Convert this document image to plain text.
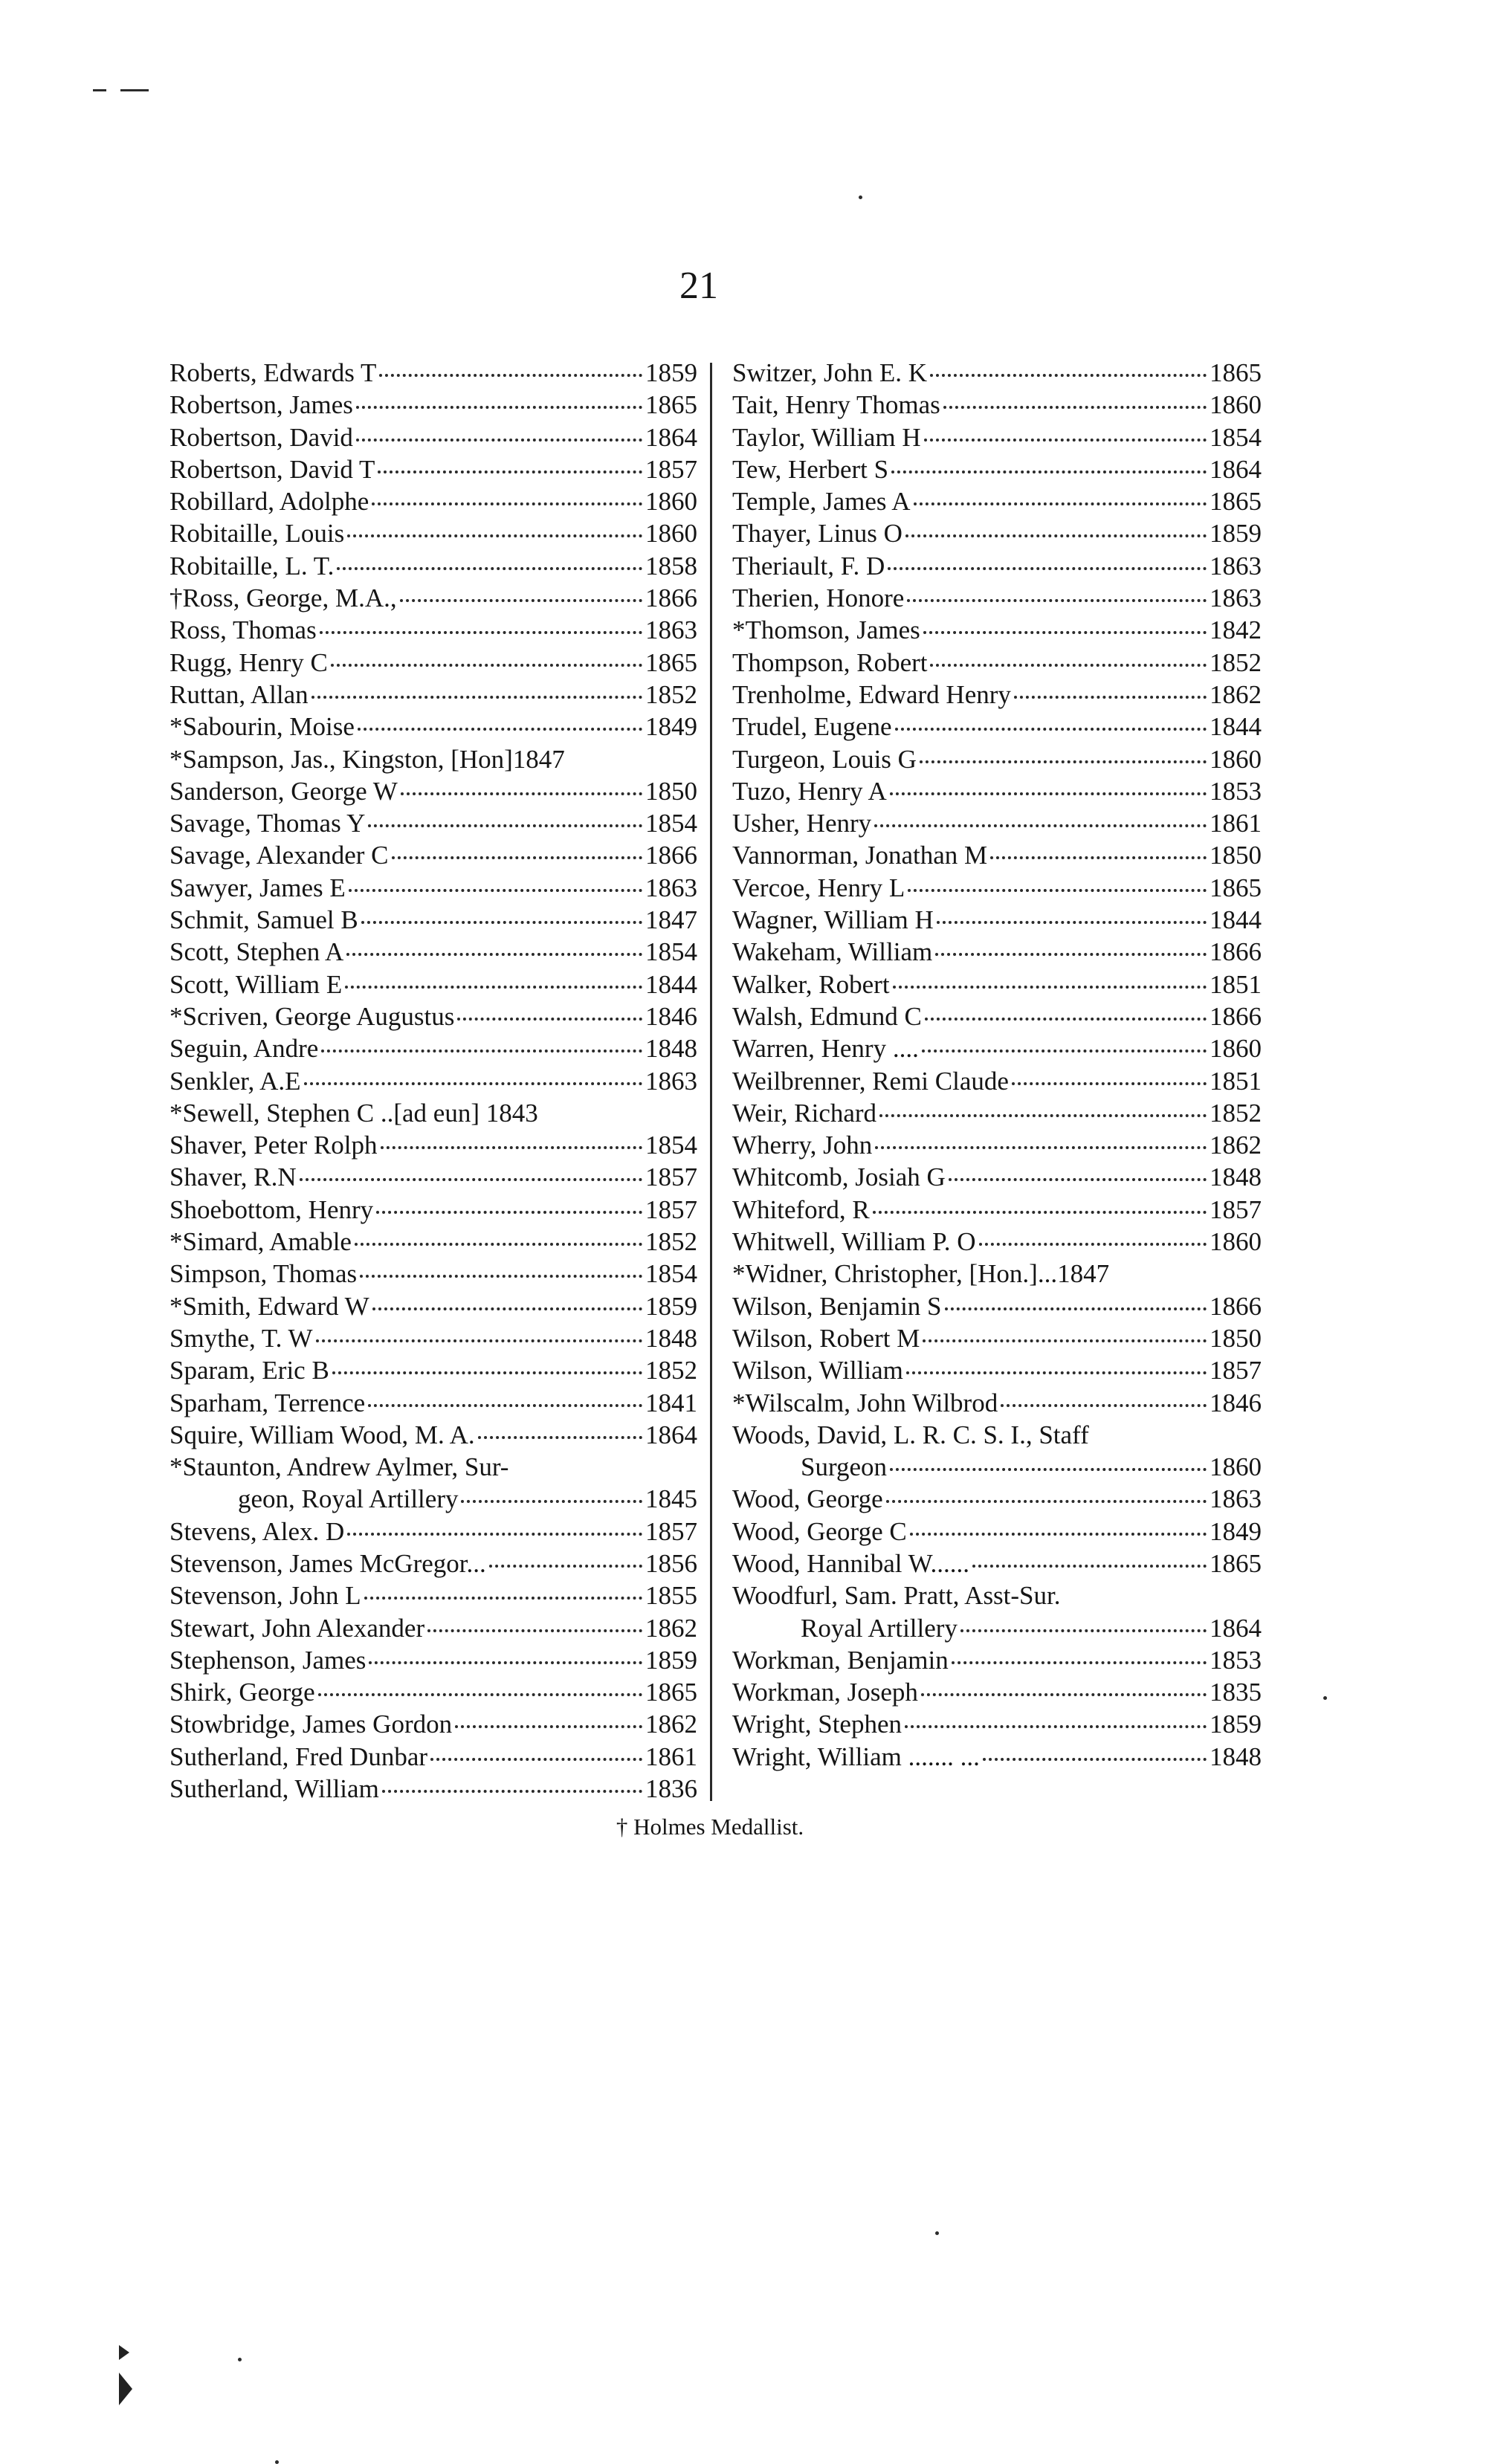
21
Roberts, Edwards T	1859
Robertson, James	1865
Robertson, David	1864
Robertson, David T	1857
Robillard, Adolphe	1860
Robitaille, Louis	1860
Robitaille, L. T.	1858
†Ross, George, M.A.,	1866
Ross, Thomas	1863
Rugg, Henry C	1865
Ruttan, Allan	1852
*Sabourin, Moise	1849
*Sampson, Jas., Kingston, [Hon]1847
Sanderson, George W	1850
Savage, Thomas Y	1854
Savage, Alexander C	1866
Sawyer, James E	1863
Schmit, Samuel B	1847
Scott, Stephen A	1854
Scott, William E	1844
*Scriven, George Augustus	1846
Seguin, Andre	1848
Senkler, A.E	1863
*Sewell, Stephen C ..[ad eun] 1843
Shaver, Peter Rolph	1854
Shaver, R.N	1857
Shoebottom, Henry	1857
*Simard, Amable	1852
Simpson, Thomas	1854
*Smith, Edward W	1859
Smythe, T. W	1848
Sparam, Eric B	1852
Sparham, Terrence	1841
Squire, William Wood, M. A.	1864
*Staunton, Andrew Aylmer, Sur-
geon, Royal Artillery	1845
Stevens, Alex. D	1857
Stevenson, James McGregor...	1856
Stevenson, John L	1855
Stewart, John Alexander	1862
Stephenson, James	1859
Shirk, George	1865
Stowbridge, James Gordon	1862
Sutherland, Fred Dunbar	1861
Sutherland, William	1836
Switzer, John E. K	1865
Tait, Henry Thomas	1860
Taylor, William H	1854
Tew, Herbert S	1864
Temple, James A	1865
Thayer, Linus O	1859
Theriault, F. D	1863
Therien, Honore	1863
*Thomson, James	1842
Thompson, Robert	1852
Trenholme, Edward Henry	1862
Trudel, Eugene	1844
Turgeon, Louis G	1860
Tuzo, Henry A	1853
Usher, Henry	1861
Vannorman, Jonathan M	1850
Vercoe, Henry L	1865
Wagner, William H	1844
Wakeham, William	1866
Walker, Robert	1851
Walsh, Edmund C	1866
Warren, Henry ....	1860
Weilbrenner, Remi Claude	1851
Weir, Richard	1852
Wherry, John	1862
Whitcomb, Josiah G	1848
Whiteford, R	1857
Whitwell, William P. O	1860
*Widner, Christopher, [Hon.]...1847
Wilson, Benjamin S	1866
Wilson, Robert M	1850
Wilson, William	1857
*Wilscalm, John Wilbrod	1846
Woods, David, L. R. C. S. I., Staff
Surgeon	1860
Wood, George	1863
Wood, George C	1849
Wood, Hannibal W......	1865
Woodfurl, Sam. Pratt, Asst-Sur.
Royal Artillery	1864
Workman, Benjamin	1853
Workman, Joseph	1835
Wright, Stephen	1859
Wright, William ....... ...	1848
† Holmes Medallist.
